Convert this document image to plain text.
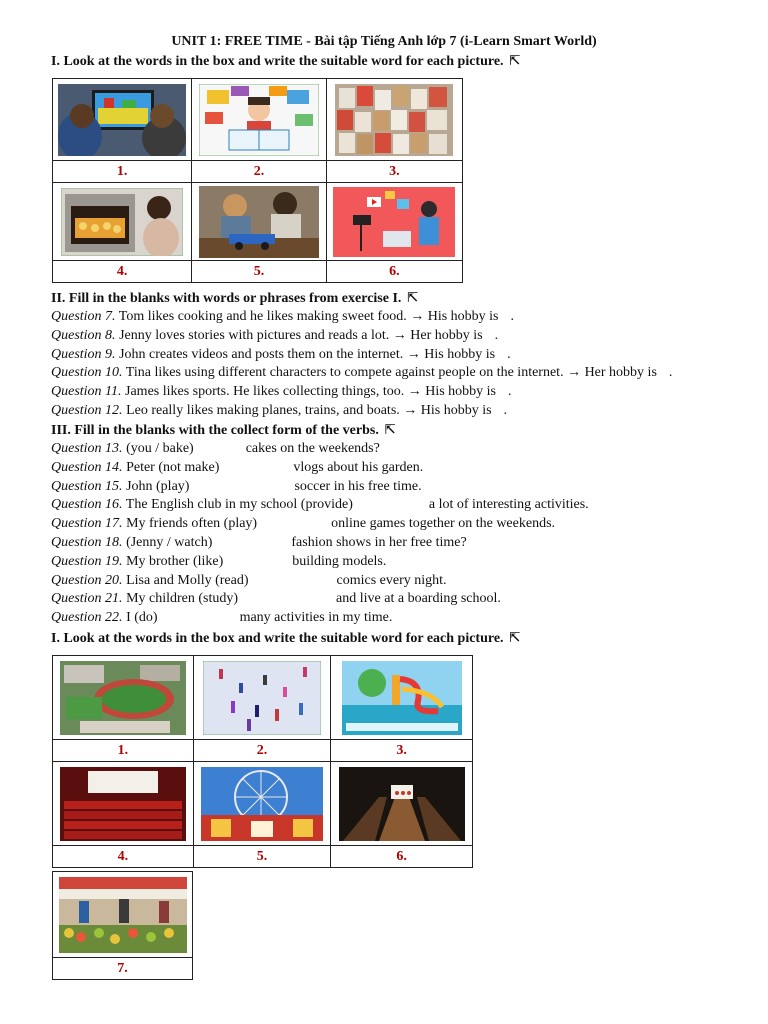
UNIT 1: FREE TIME - Bài tập Tiếng Anh lớp 7 (i-Learn Smart World)
I. Look at the words in the box and write the suitable word for each picture. ⇱

1.	2.	3.

4.	5.	6.
II. Fill in the blanks with words or phrases from exercise I. ⇱
Question 7. Tom likes cooking and he likes making sweet food. → His hobby is .
Question 8. Jenny loves stories with pictures and reads a lot. → Her hobby is .
Question 9. John creates videos and posts them on the internet. → His hobby is .
Question 10. Tina likes using different characters to compete against people on the internet. → Her hobby is .
Question 11. James likes sports. He likes collecting things, too. → His hobby is .
Question 12. Leo really likes making planes, trains, and boats. → His hobby is .
III. Fill in the blanks with the collect form of the verbs. ⇱
Question 13. (you / bake)	cakes on the weekends?
Question 14. Peter (not make)	vlogs about his garden.
Question 15. John (play)	soccer in his free time.
Question 16. The English club in my school (provide)	a lot of interesting activities.
Question 17. My friends often (play)	online games together on the weekends.
Question 18. (Jenny / watch)	fashion shows in her free time?
Question 19. My brother (like)	building models.
Question 20. Lisa and Molly (read)	comics every night.
Question 21. My children (study)	and live at a boarding school.
Question 22. I (do)	many activities in my time.
I. Look at the words in the box and write the suitable word for each picture. ⇱

1.	2.	3.

4.	5.	6.

7.
